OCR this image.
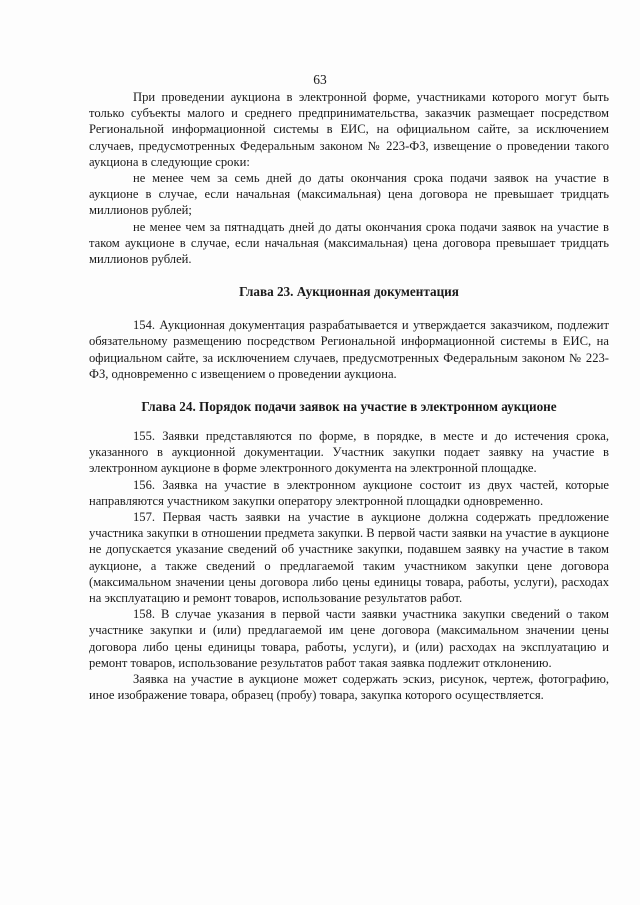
63

При проведении аукциона в электронной форме, участниками которого могут быть только субъекты малого и среднего предпринимательства, заказчик размещает посредством Региональной информационной системы в ЕИС, на официальном сайте, за исключением случаев, предусмотренных Федеральным законом № 223-ФЗ, извещение о проведении такого аукциона в следующие сроки:

не менее чем за семь дней до даты окончания срока подачи заявок на участие в аукционе в случае, если начальная (максимальная) цена договора не превышает тридцать миллионов рублей;

не менее чем за пятнадцать дней до даты окончания срока подачи заявок на участие в таком аукционе в случае, если начальная (максимальная) цена договора превышает тридцать миллионов рублей.

Глава 23. Аукционная документация

154. Аукционная документация разрабатывается и утверждается заказчиком, подлежит обязательному размещению посредством Региональной информационной системы в ЕИС, на официальном сайте, за исключением случаев, предусмотренных Федеральным законом № 223-ФЗ, одновременно с извещением о проведении аукциона.

Глава 24. Порядок подачи заявок на участие в электронном аукционе

155. Заявки представляются по форме, в порядке, в месте и до истечения срока, указанного в аукционной документации. Участник закупки подает заявку на участие в электронном аукционе в форме электронного документа на электронной площадке.

156. Заявка на участие в электронном аукционе состоит из двух частей, которые направляются участником закупки оператору электронной площадки одновременно.

157. Первая часть заявки на участие в аукционе должна содержать предложение участника закупки в отношении предмета закупки. В первой части заявки на участие в аукционе не допускается указание сведений об участнике закупки, подавшем заявку на участие в таком аукционе, а также сведений о предлагаемой таким участником закупки цене договора (максимальном значении цены договора либо цены единицы товара, работы, услуги), расходах на эксплуатацию и ремонт товаров, использование результатов работ.

158. В случае указания в первой части заявки участника закупки сведений о таком участнике закупки и (или) предлагаемой им цене договора (максимальном значении цены договора либо цены единицы товара, работы, услуги), и (или) расходах на эксплуатацию и ремонт товаров, использование результатов работ такая заявка подлежит отклонению.

Заявка на участие в аукционе может содержать эскиз, рисунок, чертеж, фотографию, иное изображение товара, образец (пробу) товара, закупка которого осуществляется.
